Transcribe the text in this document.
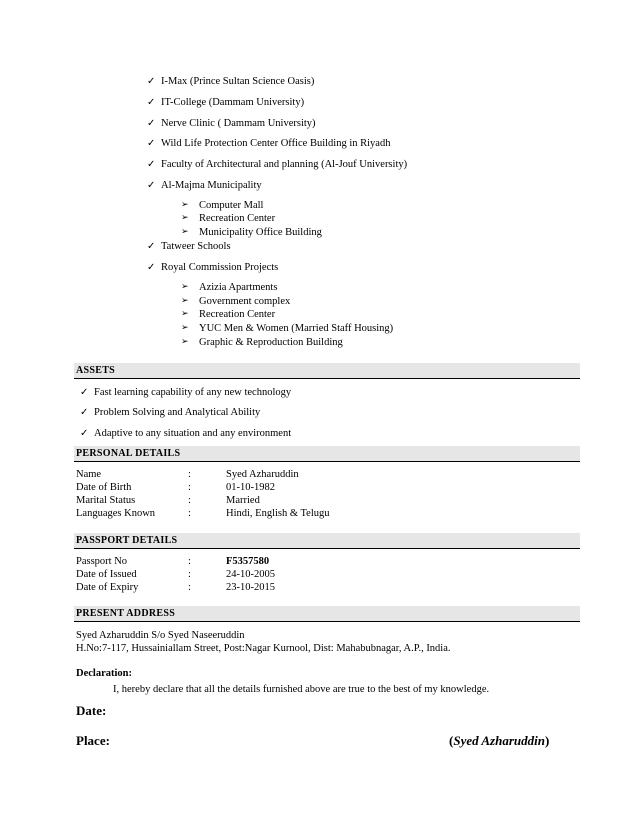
✓ I-Max (Prince Sultan Science Oasis)
✓ IT-College (Dammam University)
✓ Nerve Clinic ( Dammam University)
✓ Wild Life Protection Center Office Building in Riyadh
✓ Faculty of Architectural and planning (Al-Jouf University)
✓ Al-Majma Municipality
➢ Computer Mall
➢ Recreation Center
➢ Municipality Office Building
✓ Tatweer Schools
✓ Royal Commission Projects
➢ Azizia Apartments
➢ Government complex
➢ Recreation Center
➢ YUC Men & Women (Married Staff Housing)
➢ Graphic & Reproduction Building
ASSETS
✓ Fast learning capability of any new technology
✓ Problem Solving and Analytical Ability
✓ Adaptive to any situation and any environment
PERSONAL DETAILS
Name	:	Syed Azharuddin
Date of Birth	:	01-10-1982
Marital Status	:	Married
Languages Known	:	Hindi, English & Telugu
PASSPORT DETAILS
Passport No	:	F5357580
Date of Issued	:	24-10-2005
Date of Expiry	:	23-10-2015
PRESENT ADDRESS
Syed Azharuddin S/o Syed Naseeruddin
H.No:7-117, Hussainiallam Street, Post:Nagar Kurnool, Dist: Mahabubnagar, A.P., India.
Declaration:
I, hereby declare that all the details furnished above are true to the best of my knowledge.
Date:
Place:	(Syed Azharuddin)
